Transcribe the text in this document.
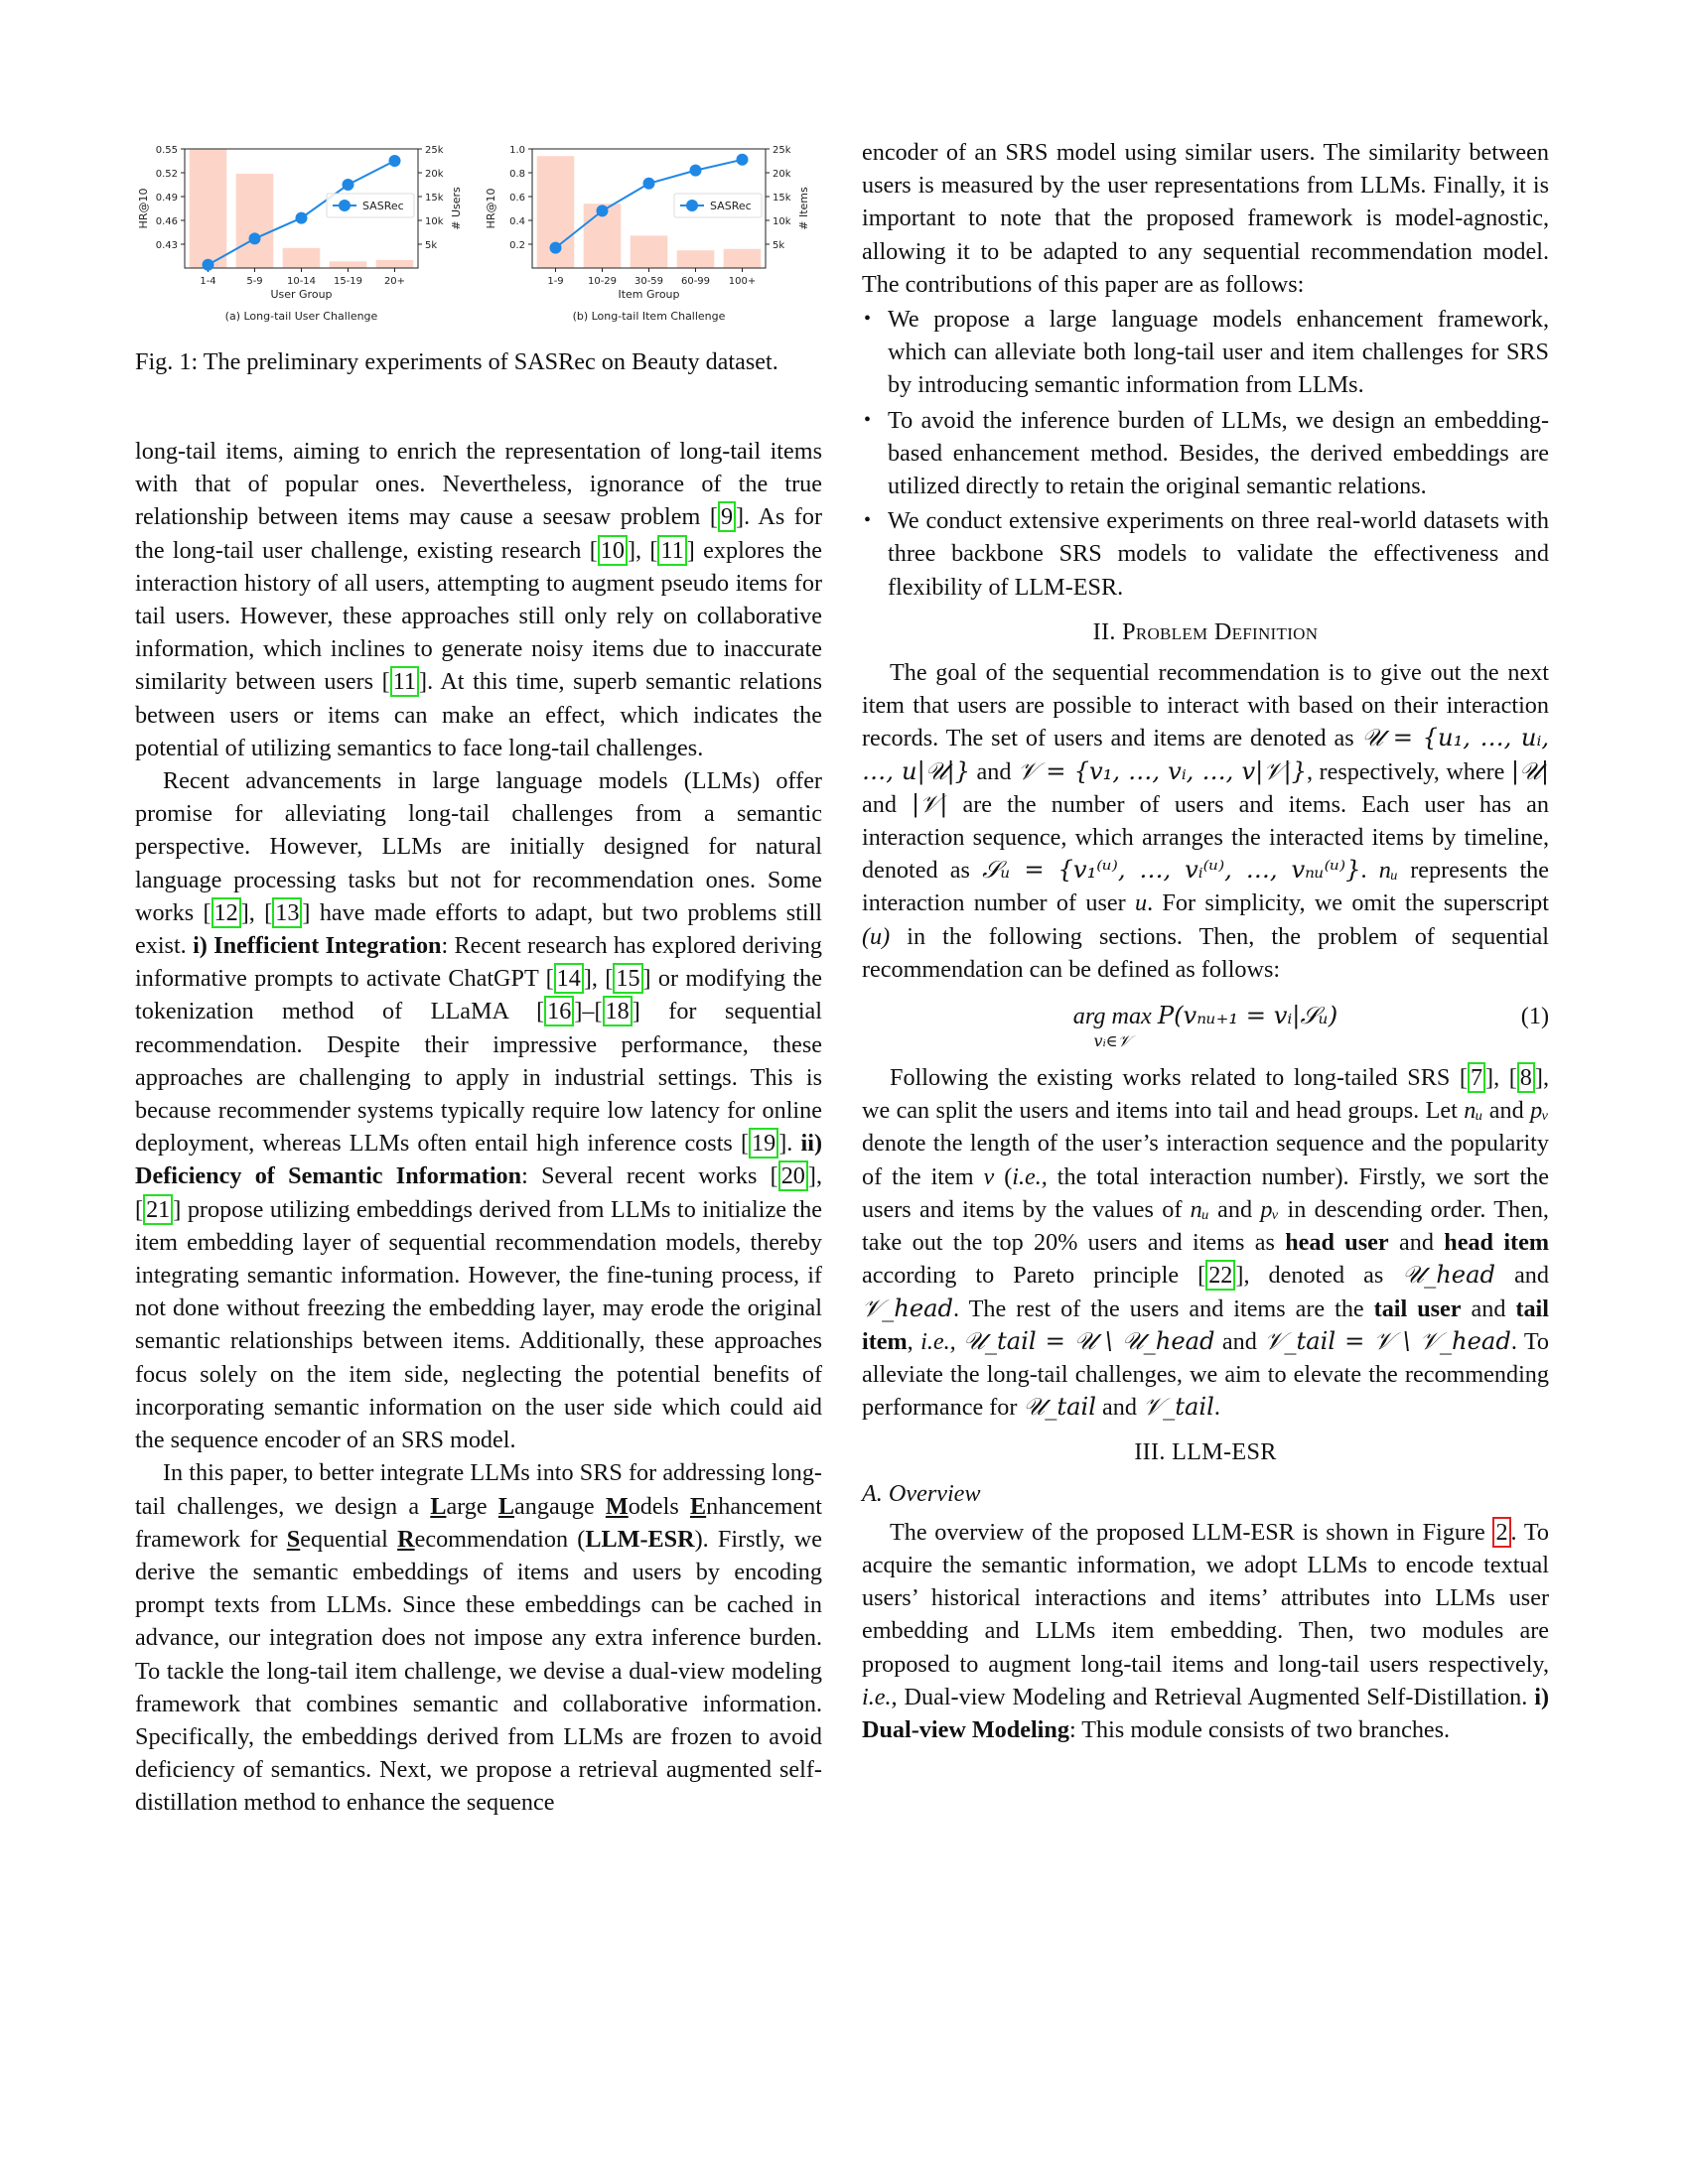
0.43
0.46
0.49
0.52
0.55
5k
10k
15k
20k
25k
1-4	5-9 10-14 15-19 20+
SASRec
User Group
(a) Long-tail User Challenge
HR@10	# Users
0.2
0.4
0.6
0.8
1.0
5k
10k
15k
20k
25k
1-9 10-29 30-59 60-99 100+
SASRec
Item Group
(b) Long-tail Item Challenge
HR@10	# Items
Fig. 1: The preliminary experiments of SASRec on Beauty dataset.

long-tail items, aiming to enrich the representation of long-tail items with that of popular ones. Nevertheless, ignorance of the true relationship between items may cause a seesaw problem [ 9 ]. As for the long-tail user challenge, existing research [ 10 ], [ 11 ] explores the interaction history of all users, attempting to augment pseudo items for tail users. However, these approaches still only rely on collaborative information, which inclines to generate noisy items due to inaccurate similarity between users [ 11 ]. At this time, superb semantic relations between users or items can make an effect, which indicates the potential of utilizing semantics to face long-tail challenges.

Recent advancements in large language models (LLMs) offer promise for alleviating long-tail challenges from a semantic perspective. However, LLMs are initially designed for natural language processing tasks but not for recommendation ones. Some works [ 12 ], [ 13 ] have made efforts to adapt, but two problems still exist. i) Inefficient Integration: Recent research has explored deriving informative prompts to activate ChatGPT [ 14 ], [ 15 ] or modifying the tokenization method of LLaMA [ 16 ]–[ 18 ] for sequential recommendation. Despite their impressive performance, these approaches are challenging to apply in industrial settings. This is because recommender systems typically require low latency for online deployment, whereas LLMs often entail high inference costs [ 19 ]. ii) Deficiency of Semantic Information: Several recent works [ 20 ], [ 21 ] propose utilizing embeddings derived from LLMs to initialize the item embedding layer of sequential recommendation models, thereby integrating semantic information. However, the fine-tuning process, if not done without freezing the embedding layer, may erode the original semantic relationships between items. Additionally, these approaches focus solely on the item side, neglecting the potential benefits of incorporating semantic information on the user side which could aid the sequence encoder of an SRS model.

In this paper, to better integrate LLMs into SRS for addressing long-tail challenges, we design a Large Langauge Models Enhancement framework for Sequential Recommendation (LLM-ESR). Firstly, we derive the semantic embeddings of items and users by encoding prompt texts from LLMs. Since these embeddings can be cached in advance, our integration does not impose any extra inference burden. To tackle the long-tail item challenge, we devise a dual-view modeling framework that combines semantic and collaborative information. Specifically, the embeddings derived from LLMs are frozen to avoid deficiency of semantics. Next, we propose a retrieval augmented self-distillation method to enhance the sequence

encoder of an SRS model using similar users. The similarity between users is measured by the user representations from LLMs. Finally, it is important to note that the proposed framework is model-agnostic, allowing it to be adapted to any sequential recommendation model. The contributions of this paper are as follows:

• We propose a large language models enhancement framework, which can alleviate both long-tail user and item challenges for SRS by introducing semantic information from LLMs.
• To avoid the inference burden of LLMs, we design an embedding-based enhancement method. Besides, the derived embeddings are utilized directly to retain the original semantic relations.
• We conduct extensive experiments on three real-world datasets with three backbone SRS models to validate the effectiveness and flexibility of LLM-ESR.
II. Problem Definition

The goal of the sequential recommendation is to give out the next item that users are possible to interact with based on their interaction records. The set of users and items are denoted as 𝒰 = {u₁, …, uᵢ, …, u|𝒰|} and 𝒱 = {v₁, …, vᵢ, …, v|𝒱|}, respectively, where |𝒰| and |𝒱| are the number of users and items. Each user has an interaction sequence, which arranges the interacted items by timeline, denoted as 𝒮ᵤ = {v₁⁽ᵘ⁾, …, vᵢ⁽ᵘ⁾, …, vₙᵤ⁽ᵘ⁾}. nᵤ represents the interaction number of user u. For simplicity, we omit the superscript (u) in the following sections. Then, the problem of sequential recommendation can be defined as follows:

arg max
$^{vᵢ\in 𝒱}$ P(vₙᵤ₊₁ = vᵢ|𝒮ᵤ)	(1)

Following the existing works related to long-tailed SRS [ 7 ], [ 8 ], we can split the users and items into tail and head groups. Let nᵤ and pᵥ denote the length of the user’s interaction sequence and the popularity of the item v (i.e., the total interaction number). Firstly, we sort the users and items by the values of nᵤ and pᵥ in descending order. Then, take out the top 20% users and items as head user and head item according to Pareto principle [ 22 ], denoted as 𝒰_head and 𝒱_head. The rest of the users and items are the tail user and tail item, i.e., 𝒰_tail = 𝒰 \ 𝒰_head and 𝒱_tail = 𝒱 \ 𝒱_head. To alleviate the long-tail challenges, we aim to elevate the recommending performance for 𝒰_tail and 𝒱_tail.

III. LLM-ESR
A. Overview

The overview of the proposed LLM-ESR is shown in Figure 2 . To acquire the semantic information, we adopt LLMs to encode textual users’ historical interactions and items’ attributes into LLMs user embedding and LLMs item embedding. Then, two modules are proposed to augment long-tail items and long-tail users respectively, i.e., Dual-view Modeling and Retrieval Augmented Self-Distillation. i) Dual-view Modeling: This module consists of two branches.
